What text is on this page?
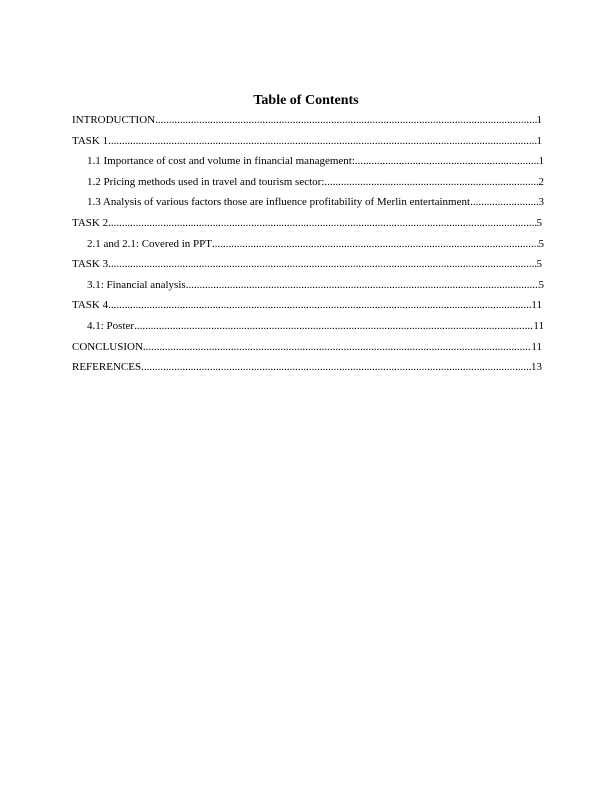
Table of Contents
INTRODUCTION .....	1
TASK 1 .....	1
1.1 Importance of cost and volume in financial management: .....	1
1.2 Pricing methods used in travel and tourism sector: .....	2
1.3 Analysis of various factors those are influence profitability of Merlin entertainment .....	3
TASK 2 .....	5
2.1 and 2.1: Covered in PPT .....	5
TASK 3 .....	5
3.1: Financial analysis .....	5
TASK 4 .....	11
4.1: Poster .....	11
CONCLUSION .....	11
REFERENCES .....	13
